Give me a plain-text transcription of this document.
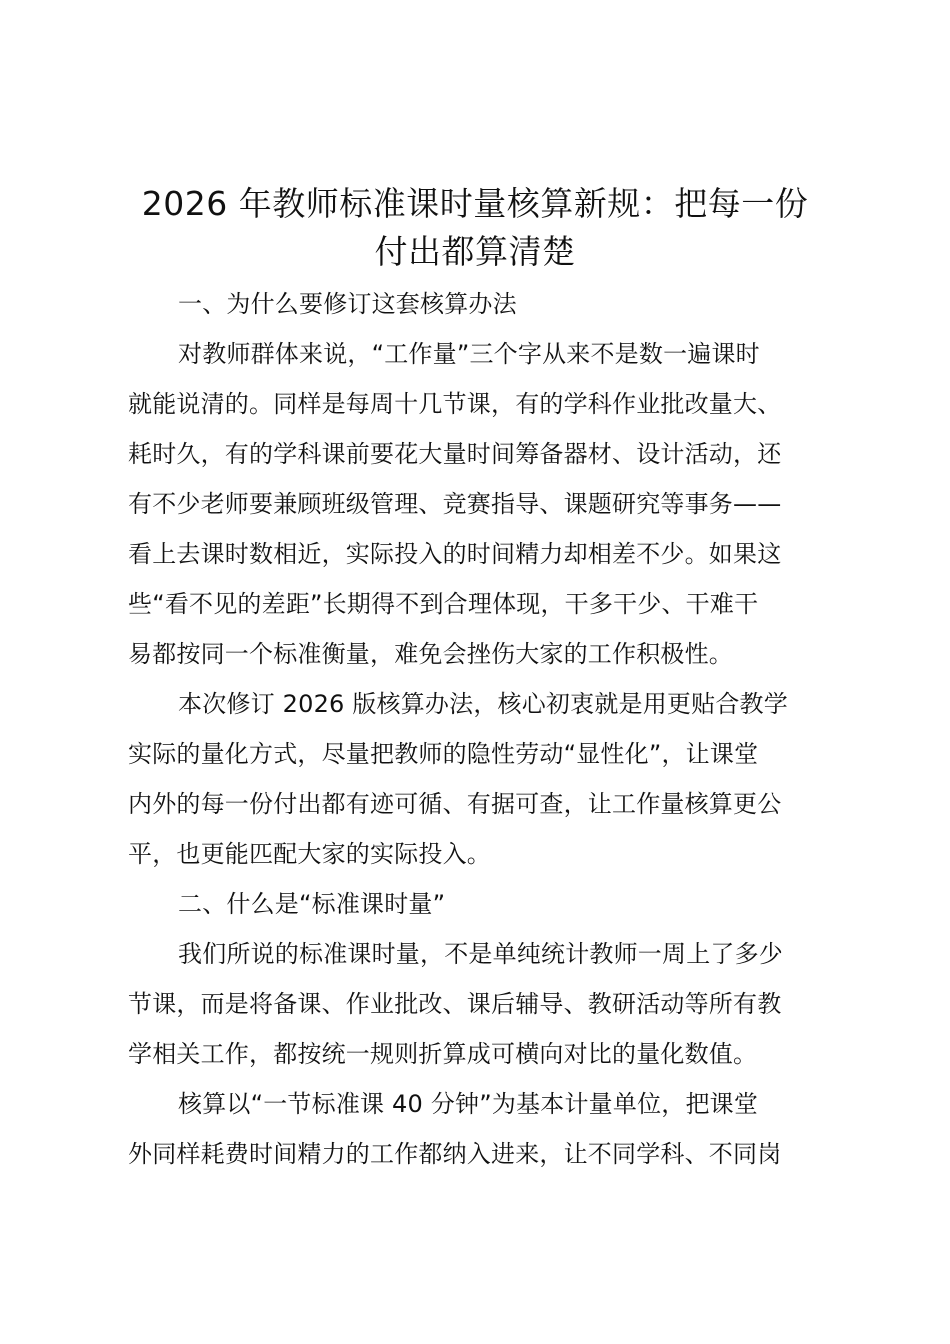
2026 年教师标准课时量核算新规：把每一份
付出都算清楚

一、为什么要修订这套核算办法

对教师群体来说，“工作量”三个字从来不是数一遍课时
就能说清的。同样是每周十几节课，有的学科作业批改量大、
耗时久，有的学科课前要花大量时间筹备器材、设计活动，还
有不少老师要兼顾班级管理、竞赛指导、课题研究等事务——
看上去课时数相近，实际投入的时间精力却相差不少。如果这
些“看不见的差距”长期得不到合理体现，干多干少、干难干
易都按同一个标准衡量，难免会挫伤大家的工作积极性。
本次修订 2026 版核算办法，核心初衷就是用更贴合教学
实际的量化方式，尽量把教师的隐性劳动“显性化”，让课堂
内外的每一份付出都有迹可循、有据可查，让工作量核算更公
平，也更能匹配大家的实际投入。

二、什么是“标准课时量”

我们所说的标准课时量，不是单纯统计教师一周上了多少
节课，而是将备课、作业批改、课后辅导、教研活动等所有教
学相关工作，都按统一规则折算成可横向对比的量化数值。
核算以“一节标准课 40 分钟”为基本计量单位，把课堂
外同样耗费时间精力的工作都纳入进来，让不同学科、不同岗
